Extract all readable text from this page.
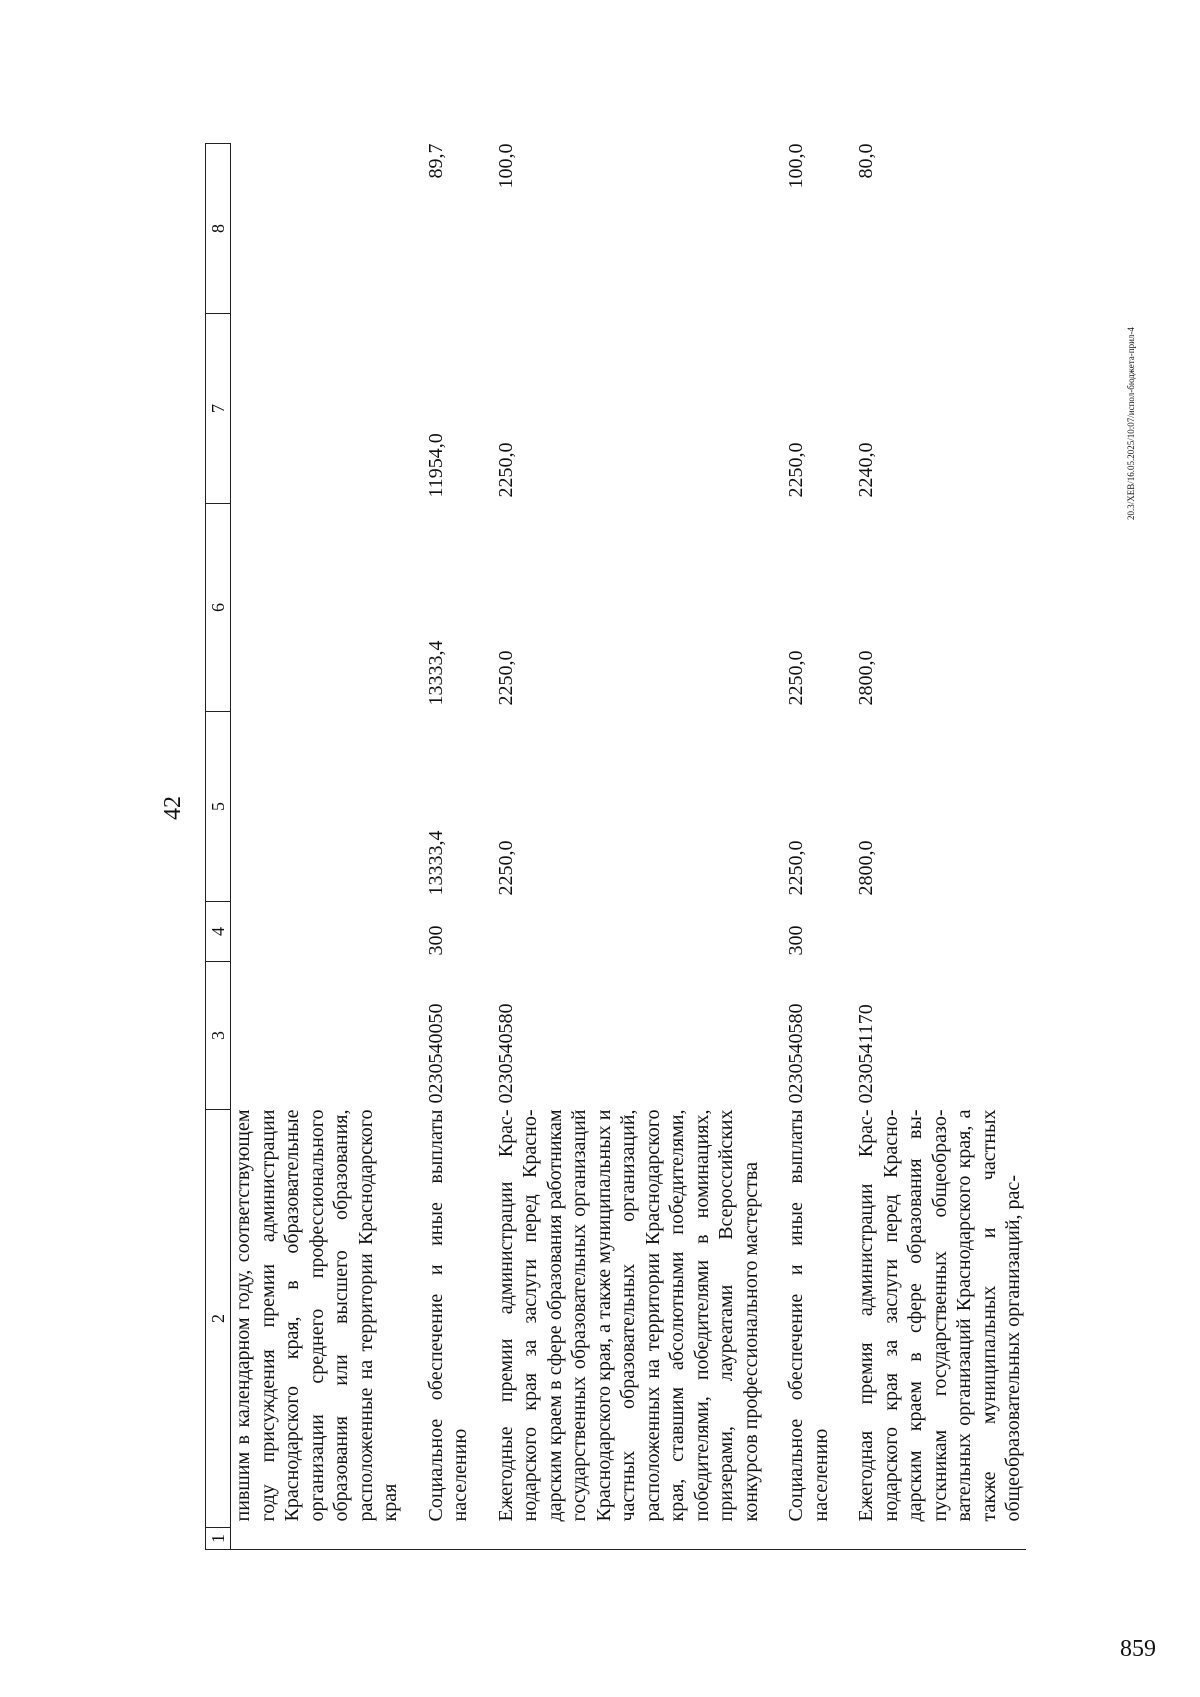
42
1	2	3	4	5	6	7	8
	пившим в календарном году, соответствующем году присуждения премии администрации Краснодарского края, в образовательные организации среднего профессионального образования или высшего образования, расположенные на территории Краснодарского края						
	Социальное обеспечение и иные выплаты населению	0230540050	300	13333,4	13333,4	11954,0	89,7
	Ежегодные премии администрации Краснодарского края за заслуги перед Краснодарским краем в сфере образования работникам государственных образовательных организаций Краснодарского края, а также муниципальных и частных образовательных организаций, расположенных на территории Краснодарского края, ставшим абсолютными победителями, победителями, победителями в номинациях, призерами, лауреатами Всероссийских конкурсов профессионального мастерства	0230540580		2250,0	2250,0	2250,0	100,0
	Социальное обеспечение и иные выплаты населению	0230540580	300	2250,0	2250,0	2250,0	100,0
	Ежегодная премия администрации Краснодарского края за заслуги перед Краснодарским краем в сфере образования выпускникам государственных общеобразовательных организаций Краснодарского края, а также муниципальных и частных общеобразовательных организаций, рас-	0230541170		2800,0	2800,0	2240,0	80,0
20.3/XEB/16.05.2025/10:07/испол-бюджета-прил-4
859
